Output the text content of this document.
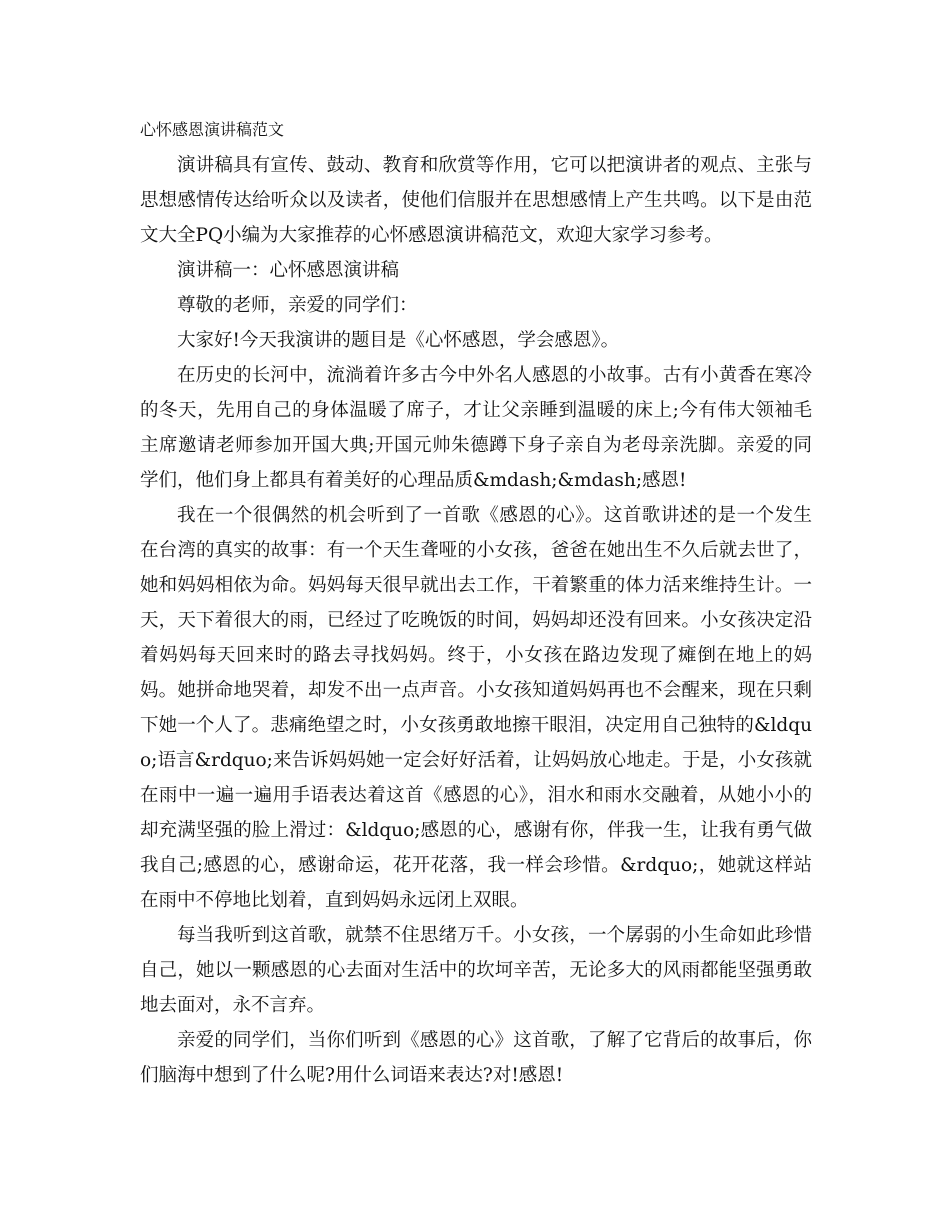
心怀感恩演讲稿范文

演讲稿具有宣传、鼓动、教育和欣赏等作用，它可以把演讲者的观点、主张与思想感情传达给听众以及读者，使他们信服并在思想感情上产生共鸣。以下是由范文大全PQ小编为大家推荐的心怀感恩演讲稿范文，欢迎大家学习参考。

演讲稿一：心怀感恩演讲稿

尊敬的老师，亲爱的同学们：

大家好!今天我演讲的题目是《心怀感恩，学会感恩》。

在历史的长河中，流淌着许多古今中外名人感恩的小故事。古有小黄香在寒冷的冬天，先用自己的身体温暖了席子，才让父亲睡到温暖的床上;今有伟大领袖毛主席邀请老师参加开国大典;开国元帅朱德蹲下身子亲自为老母亲洗脚。亲爱的同学们，他们身上都具有着美好的心理品质&mdash;&mdash;感恩!

我在一个很偶然的机会听到了一首歌《感恩的心》。这首歌讲述的是一个发生在台湾的真实的故事：有一个天生聋哑的小女孩，爸爸在她出生不久后就去世了，她和妈妈相依为命。妈妈每天很早就出去工作，干着繁重的体力活来维持生计。一天，天下着很大的雨，已经过了吃晚饭的时间，妈妈却还没有回来。小女孩决定沿着妈妈每天回来时的路去寻找妈妈。终于，小女孩在路边发现了瘫倒在地上的妈妈。她拼命地哭着，却发不出一点声音。小女孩知道妈妈再也不会醒来，现在只剩下她一个人了。悲痛绝望之时，小女孩勇敢地擦干眼泪，决定用自己独特的&ldquo;语言&rdquo;来告诉妈妈她一定会好好活着，让妈妈放心地走。于是，小女孩就在雨中一遍一遍用手语表达着这首《感恩的心》，泪水和雨水交融着，从她小小的却充满坚强的脸上滑过：&ldquo;感恩的心，感谢有你，伴我一生，让我有勇气做我自己;感恩的心，感谢命运，花开花落，我一样会珍惜。&rdquo;，她就这样站在雨中不停地比划着，直到妈妈永远闭上双眼。

每当我听到这首歌，就禁不住思绪万千。小女孩，一个孱弱的小生命如此珍惜自己，她以一颗感恩的心去面对生活中的坎坷辛苦，无论多大的风雨都能坚强勇敢地去面对，永不言弃。

亲爱的同学们，当你们听到《感恩的心》这首歌，了解了它背后的故事后，你们脑海中想到了什么呢?用什么词语来表达?对!感恩!
